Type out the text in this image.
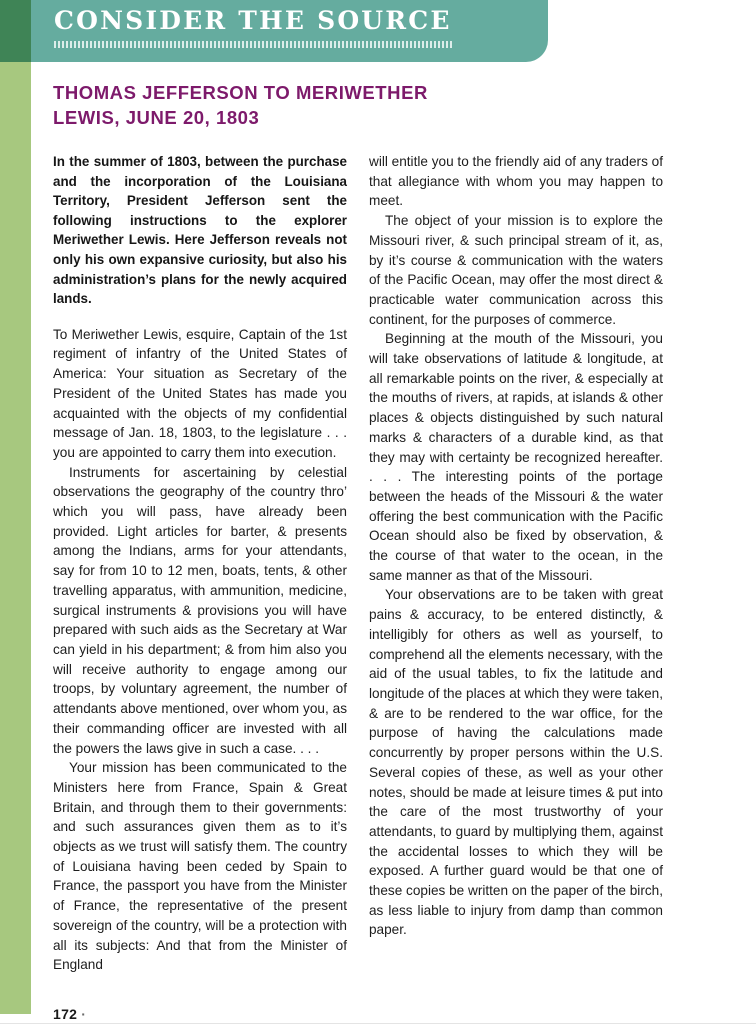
CONSIDER THE SOURCE
THOMAS JEFFERSON TO MERIWETHER LEWIS, JUNE 20, 1803

In the summer of 1803, between the purchase and the incorporation of the Louisiana Territory, President Jefferson sent the following instructions to the explorer Meriwether Lewis. Here Jefferson reveals not only his own expansive curiosity, but also his administration’s plans for the newly acquired lands.

To Meriwether Lewis, esquire, Captain of the 1st regiment of infantry of the United States of America: Your situation as Secretary of the President of the United States has made you acquainted with the objects of my confidential message of Jan. 18, 1803, to the legislature . . . you are appointed to carry them into execution.

Instruments for ascertaining by celestial observations the geography of the country thro’ which you will pass, have already been provided. Light articles for barter, & presents among the Indians, arms for your attendants, say for from 10 to 12 men, boats, tents, & other travelling apparatus, with ammunition, medicine, surgical instruments & provisions you will have prepared with such aids as the Secretary at War can yield in his department; & from him also you will receive authority to engage among our troops, by voluntary agreement, the number of attendants above mentioned, over whom you, as their commanding officer are invested with all the powers the laws give in such a case. . . .

Your mission has been communicated to the Ministers here from France, Spain & Great Britain, and through them to their governments: and such assurances given them as to it’s objects as we trust will satisfy them. The country of Louisiana having been ceded by Spain to France, the passport you have from the Minister of France, the representative of the present sovereign of the country, will be a protection with all its subjects: And that from the Minister of England

will entitle you to the friendly aid of any traders of that allegiance with whom you may happen to meet.

The object of your mission is to explore the Missouri river, & such principal stream of it, as, by it’s course & communication with the waters of the Pacific Ocean, may offer the most direct & practicable water communication across this continent, for the purposes of commerce.

Beginning at the mouth of the Missouri, you will take observations of latitude & longitude, at all remarkable points on the river, & especially at the mouths of rivers, at rapids, at islands & other places & objects distinguished by such natural marks & characters of a durable kind, as that they may with certainty be recognized hereafter. . . . The interesting points of the portage between the heads of the Missouri & the water offering the best communication with the Pacific Ocean should also be fixed by observation, & the course of that water to the ocean, in the same manner as that of the Missouri.

Your observations are to be taken with great pains & accuracy, to be entered distinctly, & intelligibly for others as well as yourself, to comprehend all the elements necessary, with the aid of the usual tables, to fix the latitude and longitude of the places at which they were taken, & are to be rendered to the war office, for the purpose of having the calculations made concurrently by proper persons within the U.S. Several copies of these, as well as your other notes, should be made at leisure times & put into the care of the most trustworthy of your attendants, to guard by multiplying them, against the accidental losses to which they will be exposed. A further guard would be that one of these copies be written on the paper of the birch, as less liable to injury from damp than common paper.

172 ·
